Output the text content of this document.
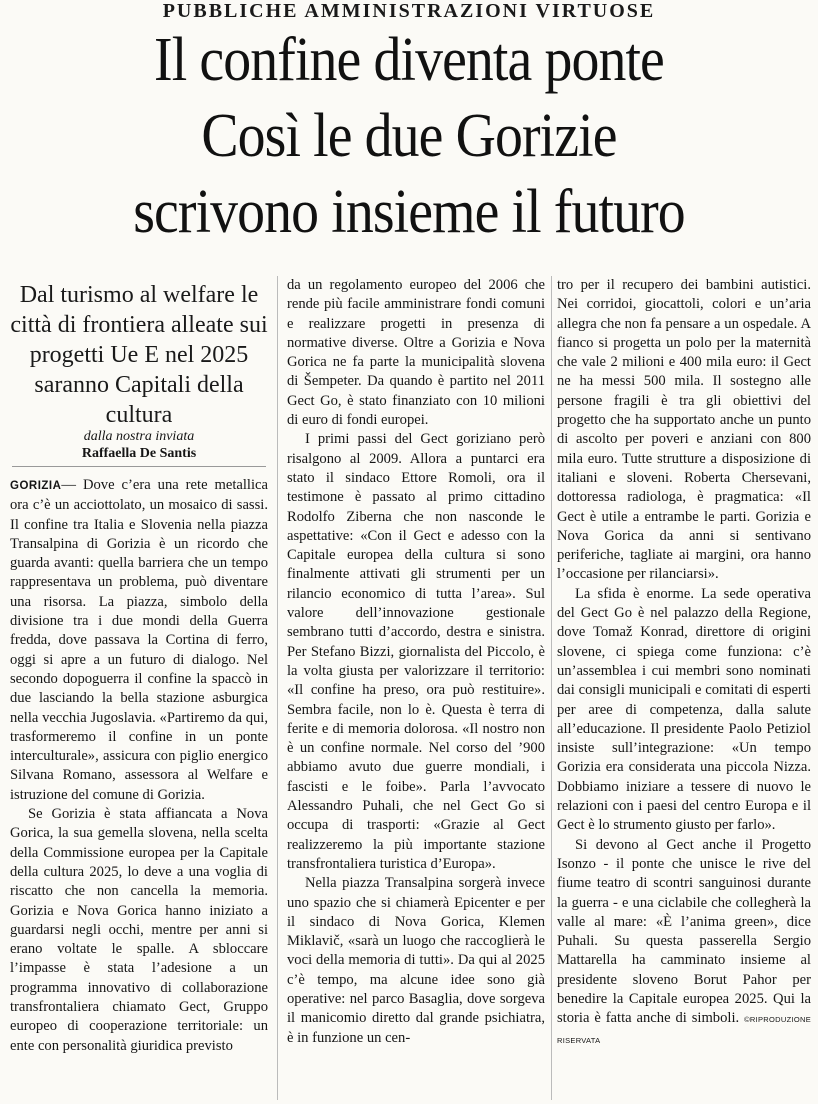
PUBBLICHE AMMINISTRAZIONI VIRTUOSE
Il confine diventa ponte
Così le due Gorizie
scrivono insieme il futuro
Dal turismo al welfare le città di frontiera alleate sui progetti Ue E nel 2025 saranno Capitali della cultura
dalla nostra inviata
Raffaella De Santis

GORIZIA— Dove c’era una rete metallica ora c’è un acciottolato, un mosaico di sassi. Il confine tra Italia e Slovenia nella piazza Transalpina di Gorizia è un ricordo che guarda avanti: quella barriera che un tempo rappresentava un problema, può diventare una risorsa. La piazza, simbolo della divisione tra i due mondi della Guerra fredda, dove passava la Cortina di ferro, oggi si apre a un futuro di dialogo. Nel secondo dopoguerra il confine la spaccò in due lasciando la bella stazione asburgica nella vecchia Jugoslavia. «Partiremo da qui, trasformeremo il confine in un ponte interculturale», assicura con piglio energico Silvana Romano, assessora al Welfare e istruzione del comune di Gorizia.

Se Gorizia è stata affiancata a Nova Gorica, la sua gemella slovena, nella scelta della Commissione europea per la Capitale della cultura 2025, lo deve a una voglia di riscatto che non cancella la memoria. Gorizia e Nova Gorica hanno iniziato a guardarsi negli occhi, mentre per anni si erano voltate le spalle. A sbloccare l’impasse è stata l’adesione a un programma innovativo di collaborazione transfrontaliera chiamato Gect, Gruppo europeo di cooperazione territoriale: un ente con personalità giuridica previsto

da un regolamento europeo del 2006 che rende più facile amministrare fondi comuni e realizzare progetti in presenza di normative diverse. Oltre a Gorizia e Nova Gorica ne fa parte la municipalità slovena di Šempeter. Da quando è partito nel 2011 Gect Go, è stato finanziato con 10 milioni di euro di fondi europei.

I primi passi del Gect goriziano però risalgono al 2009. Allora a puntarci era stato il sindaco Ettore Romoli, ora il testimone è passato al primo cittadino Rodolfo Ziberna che non nasconde le aspettative: «Con il Gect e adesso con la Capitale europea della cultura si sono finalmente attivati gli strumenti per un rilancio economico di tutta l’area». Sul valore dell’innovazione gestionale sembrano tutti d’accordo, destra e sinistra. Per Stefano Bizzi, giornalista del Piccolo, è la volta giusta per valorizzare il territorio: «Il confine ha preso, ora può restituire». Sembra facile, non lo è. Questa è terra di ferite e di memoria dolorosa. «Il nostro non è un confine normale. Nel corso del ’900 abbiamo avuto due guerre mondiali, i fascisti e le foibe». Parla l’avvocato Alessandro Puhali, che nel Gect Go si occupa di trasporti: «Grazie al Gect realizzeremo la più importante stazione transfrontaliera turistica d’Europa».

Nella piazza Transalpina sorgerà invece uno spazio che si chiamerà Epicenter e per il sindaco di Nova Gorica, Klemen Miklavič, «sarà un luogo che raccoglierà le voci della memoria di tutti». Da qui al 2025 c’è tempo, ma alcune idee sono già operative: nel parco Basaglia, dove sorgeva il manicomio diretto dal grande psichiatra, è in funzione un cen-

tro per il recupero dei bambini autistici. Nei corridoi, giocattoli, colori e un’aria allegra che non fa pensare a un ospedale. A fianco si progetta un polo per la maternità che vale 2 milioni e 400 mila euro: il Gect ne ha messi 500 mila. Il sostegno alle persone fragili è tra gli obiettivi del progetto che ha supportato anche un punto di ascolto per poveri e anziani con 800 mila euro. Tutte strutture a disposizione di italiani e sloveni. Roberta Chersevani, dottoressa radiologa, è pragmatica: «Il Gect è utile a entrambe le parti. Gorizia e Nova Gorica da anni si sentivano periferiche, tagliate ai margini, ora hanno l’occasione per rilanciarsi».

La sfida è enorme. La sede operativa del Gect Go è nel palazzo della Regione, dove Tomaž Konrad, direttore di origini slovene, ci spiega come funziona: c’è un’assemblea i cui membri sono nominati dai consigli municipali e comitati di esperti per aree di competenza, dalla salute all’educazione. Il presidente Paolo Petiziol insiste sull’integrazione: «Un tempo Gorizia era considerata una piccola Nizza. Dobbiamo iniziare a tessere di nuovo le relazioni con i paesi del centro Europa e il Gect è lo strumento giusto per farlo».

Si devono al Gect anche il Progetto Isonzo - il ponte che unisce le rive del fiume teatro di scontri sanguinosi durante la guerra - e una ciclabile che collegherà la valle al mare: «È l’anima green», dice Puhali. Su questa passerella Sergio Mattarella ha camminato insieme al presidente sloveno Borut Pahor per benedire la Capitale europea 2025. Qui la storia è fatta anche di simboli. ©RIPRODUZIONE RISERVATA
